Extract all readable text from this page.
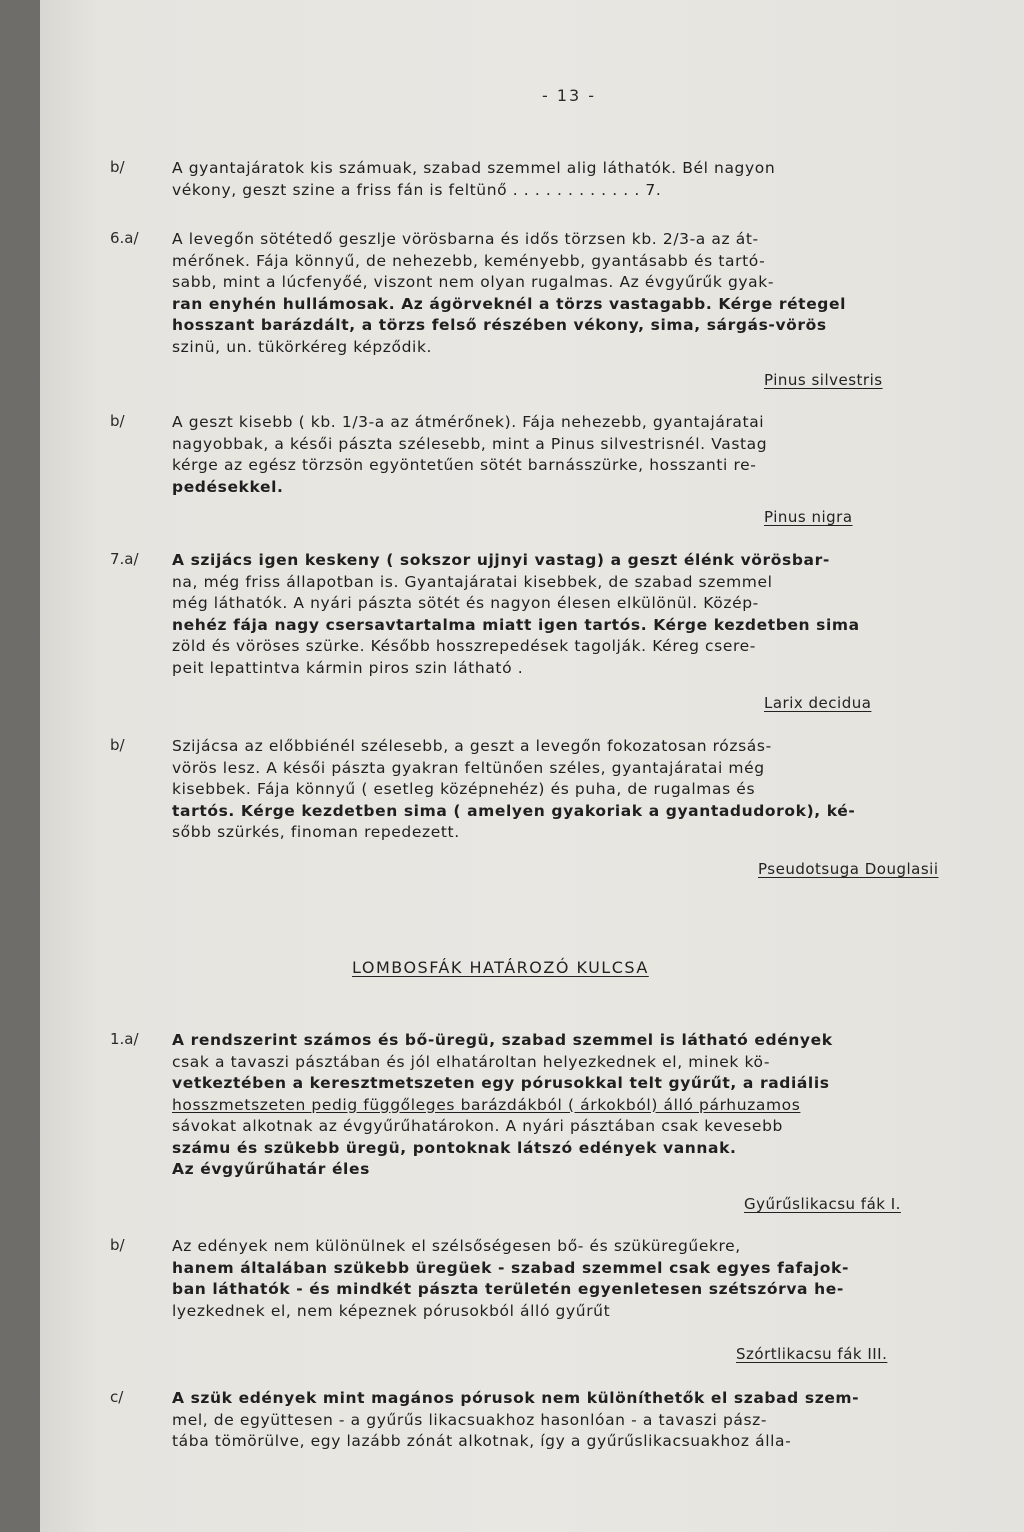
- 13 -
b/	A gyantajáratok kis számuak, szabad szemmel alig láthatók. Bél nagyon
vékony, geszt szine a friss fán is feltünő . . . . . . . . . . . . 7.
6.a/ A levegőn sötétedő geszlje vörösbarna és idős törzsen kb. 2/3-a az át-
mérőnek. Fája könnyű, de nehezebb, keményebb, gyantásabb és tartó-
sabb, mint a lúcfenyőé, viszont nem olyan rugalmas. Az évgyűrűk gyak-
ran enyhén hullámosak. Az ágörveknél a törzs vastagabb. Kérge rétegel
hosszant barázdált, a törzs felső részében vékony, sima, sárgás-vörös
szinü, un. tükörkéreg képződik.
Pinus silvestris
b/	A geszt kisebb ( kb. 1/3-a az átmérőnek). Fája nehezebb, gyantajáratai
nagyobbak, a késői pászta szélesebb, mint a Pinus silvestrisnél. Vastag
kérge az egész törzsön egyöntetűen sötét barnásszürke, hosszanti re-
pedésekkel.
Pinus nigra
7.a/ A szijács igen keskeny ( sokszor ujjnyi vastag) a geszt élénk vörösbar-
na, még friss állapotban is. Gyantajáratai kisebbek, de szabad szemmel
még láthatók. A nyári pászta sötét és nagyon élesen elkülönül. Közép-
nehéz fája nagy csersavtartalma miatt igen tartós. Kérge kezdetben sima
zöld és vöröses szürke. Később hosszrepedések tagolják. Kéreg csere-
peit lepattintva kármin piros szin látható .
Larix decidua
b/	Szijácsa az előbbiénél szélesebb, a geszt a levegőn fokozatosan rózsás-
vörös lesz. A késői pászta gyakran feltünően széles, gyantajáratai még
kisebbek. Fája könnyű ( esetleg középnehéz) és puha, de rugalmas és
tartós. Kérge kezdetben sima ( amelyen gyakoriak a gyantadudorok), ké-
sőbb szürkés, finoman repedezett.
Pseudotsuga Douglasii
LOMBOSFÁK HATÁROZÓ KULCSA
1.a/ A rendszerint számos és bő-üregü, szabad szemmel is látható edények
csak a tavaszi pásztában és jól elhatároltan helyezkednek el, minek kö-
vetkeztében a keresztmetszeten egy pórusokkal telt gyűrűt, a radiális
hosszmetszeten pedig függőleges barázdákból ( árkokból) álló párhuzamos
sávokat alkotnak az évgyűrűhatárokon. A nyári pásztában csak kevesebb
számu és szükebb üregü, pontoknak látszó edények vannak.
Az évgyűrűhatár éles
Gyűrűslikacsu fák I.
b/	Az edények nem különülnek el szélsőségesen bő- és szüküregűekre,
hanem általában szükebb üregüek - szabad szemmel csak egyes fafajok-
ban láthatók - és mindkét pászta területén egyenletesen szétszórva he-
lyezkednek el, nem képeznek pórusokból álló gyűrűt
Szórtlikacsu fák III.
c/	A szük edények mint magános pórusok nem különíthetők el szabad szem-
mel, de együttesen - a gyűrűs likacsuakhoz hasonlóan - a tavaszi pász-
tába tömörülve, egy lazább zónát alkotnak, így a gyűrűslikacsuakhoz álla-
